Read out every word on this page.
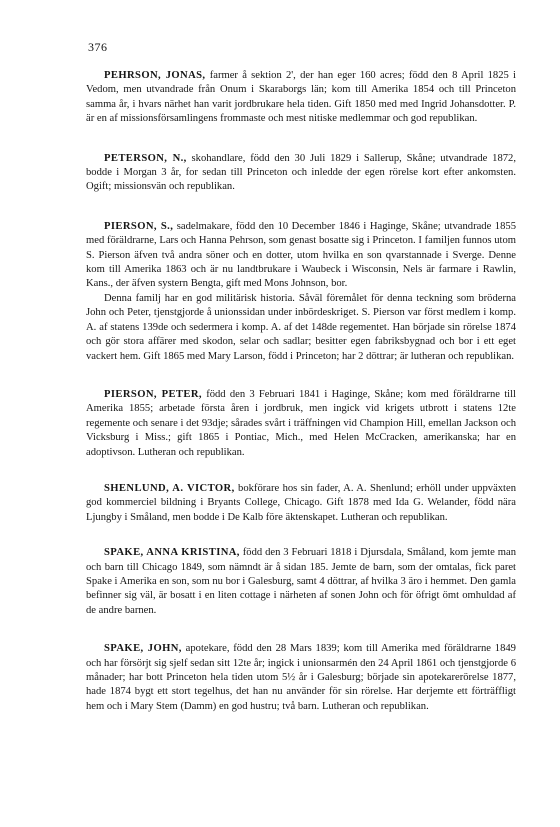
376

PEHRSON, JONAS, farmer å sektion 2', der han eger 160 acres; född den 8 April 1825 i Vedom, men utvandrade från Onum i Skaraborgs län; kom till Amerika 1854 och till Princeton samma år, i hvars närhet han varit jordbrukare hela tiden. Gift 1850 med med Ingrid Johansdotter. P. är en af missionsförsamlingens frommaste och mest nitiske medlemmar och god republikan.

PETERSON, N., skohandlare, född den 30 Juli 1829 i Sallerup, Skåne; utvandrade 1872, bodde i Morgan 3 år, for sedan till Princeton och inledde der egen rörelse kort efter ankomsten. Ogift; missionsvän och republikan.

PIERSON, S., sadelmakare, född den 10 December 1846 i Haginge, Skåne; utvandrade 1855 med föräldrarne, Lars och Hanna Pehrson, som genast bosatte sig i Princeton. I familjen funnos utom S. Pierson äfven två andra söner och en dotter, utom hvilka en son qvarstannade i Sverge. Denne kom till Amerika 1863 och är nu landtbrukare i Waubeck i Wisconsin, Nels är farmare i Rawlin, Kans., der äfven systern Bengta, gift med Mons Johnson, bor.

Denna familj har en god militärisk historia. Såväl föremålet för denna teckning som bröderna John och Peter, tjenstgjorde å unionssidan under inbördeskriget. S. Pierson var först medlem i komp. A. af statens 139de och sedermera i komp. A. af det 148de regementet. Han började sin rörelse 1874 och gör stora affärer med skodon, selar och sadlar; besitter egen fabriksbygnad och bor i ett eget vackert hem. Gift 1865 med Mary Larson, född i Princeton; har 2 döttrar; är lutheran och republikan.

PIERSON, PETER, född den 3 Februari 1841 i Haginge, Skåne; kom med föräldrarne till Amerika 1855; arbetade första åren i jordbruk, men ingick vid krigets utbrott i statens 12te regemente och senare i det 93dje; sårades svårt i träffningen vid Champion Hill, emellan Jackson och Vicksburg i Miss.; gift 1865 i Pontiac, Mich., med Helen McCracken, amerikanska; har en adoptivson. Lutheran och republikan.

SHENLUND, A. VICTOR, bokförare hos sin fader, A. A. Shenlund; erhöll under uppväxten god kommerciel bildning i Bryants College, Chicago. Gift 1878 med Ida G. Welander, född nära Ljungby i Småland, men bodde i De Kalb före äktenskapet. Lutheran och republikan.

SPAKE, ANNA KRISTINA, född den 3 Februari 1818 i Djursdala, Småland, kom jemte man och barn till Chicago 1849, som nämndt är å sidan 185. Jemte de barn, som der omtalas, fick paret Spake i Amerika en son, som nu bor i Galesburg, samt 4 döttrar, af hvilka 3 äro i hemmet. Den gamla befinner sig väl, är bosatt i en liten cottage i närheten af sonen John och för öfrigt ömt omhuldad af de andre barnen.

SPAKE, JOHN, apotekare, född den 28 Mars 1839; kom till Amerika med föräldrarne 1849 och har försörjt sig sjelf sedan sitt 12te år; ingick i unionsarmén den 24 April 1861 och tjenstgjorde 6 månader; har bott Princeton hela tiden utom 5½ år i Galesburg; började sin apotekarerörelse 1877, hade 1874 bygt ett stort tegelhus, det han nu använder för sin rörelse. Har derjemte ett förträffligt hem och i Mary Stem (Damm) en god hustru; två barn. Lutheran och republikan.
